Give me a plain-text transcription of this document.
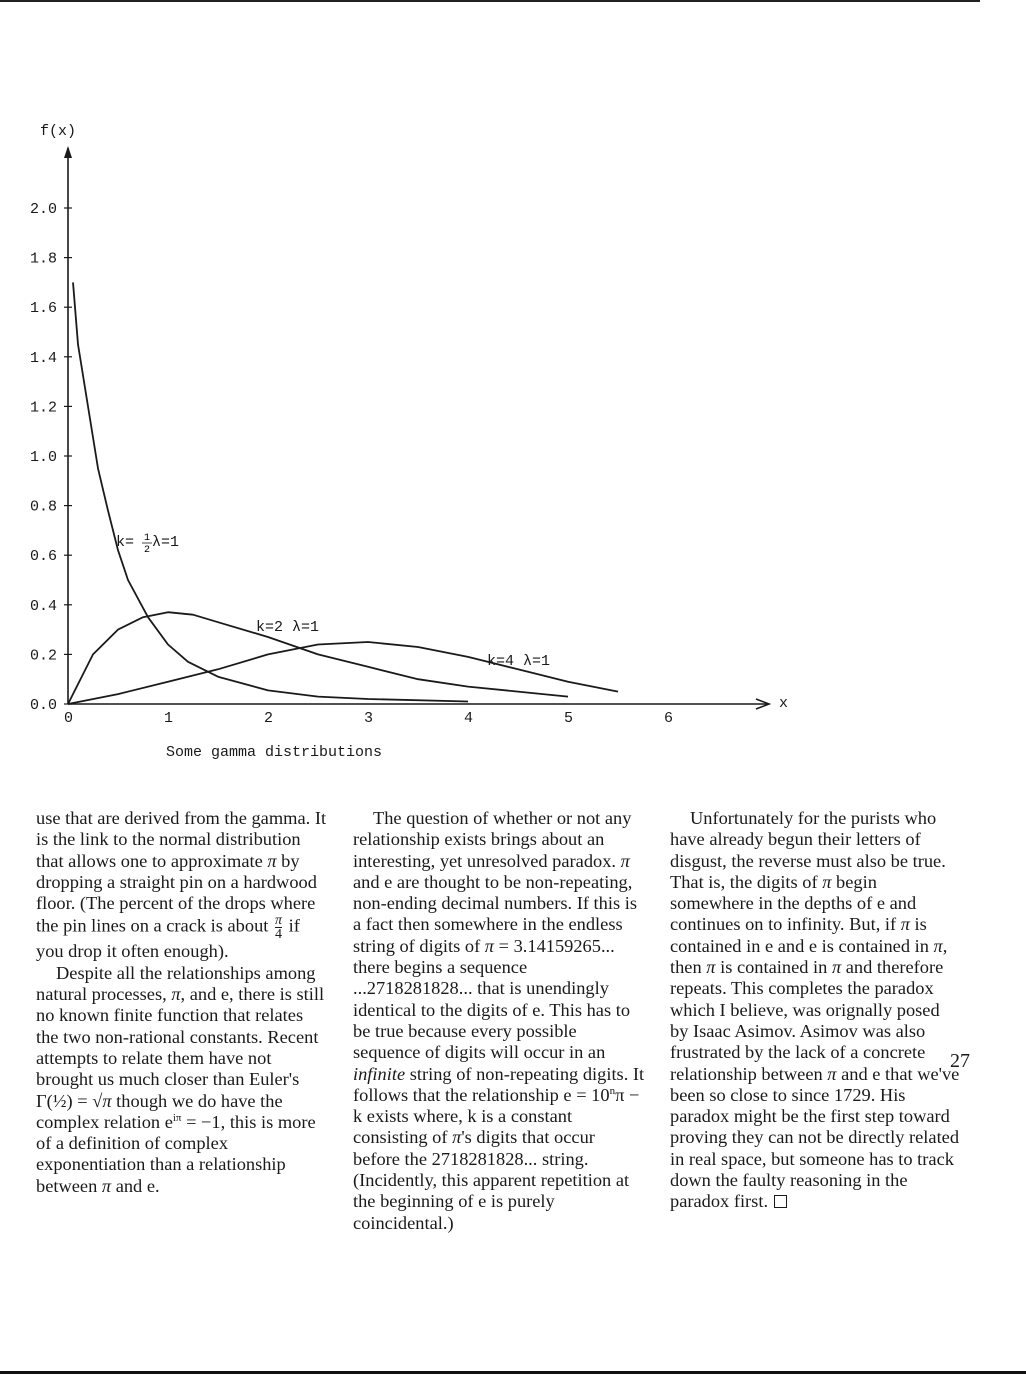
f(x)
x
0.0
0.2
0.4
0.6
0.8
1.0
1.2
1.4
1.6
1.8
2.0
0	1	2	3	4	5	6
k= 1
2 λ=1
k=2 λ=1
k=4 λ=1
Some gamma distributions

use that are derived from the gamma. It is the link to the normal distribution that allows one to approximate π by dropping a straight pin on a hardwood floor. (The percent of the drops where the pin lines on a crack is about $\frac{\pi}{4}$ if you drop it often enough).

Despite all the relationships among natural processes, π, and e, there is still no known finite function that relates the two non-rational constants. Recent attempts to relate them have not brought us much closer than Euler's Γ(½) = √π though we do have the complex relation $e^{i\pi} = -1$, this is more of a definition of complex exponentiation than a relationship between π and e.

The question of whether or not any relationship exists brings about an interesting, yet unresolved paradox. π and e are thought to be non-repeating, non-ending decimal numbers. If this is a fact then somewhere in the endless string of digits of π = 3.14159265... there begins a sequence ...2718281828... that is unendingly identical to the digits of e. This has to be true because every possible sequence of digits will occur in an infinite string of non-repeating digits. It follows that the relationship $e = 10^n\pi - k$ exists where, k is a constant consisting of π's digits that occur before the 2718281828... string. (Incidently, this apparent repetition at the beginning of e is purely coincidental.)

Unfortunately for the purists who have already begun their letters of disgust, the reverse must also be true. That is, the digits of π begin somewhere in the depths of e and continues on to infinity. But, if π is contained in e and e is contained in π, then π is contained in π and therefore repeats. This completes the paradox which I believe, was orignally posed by Isaac Asimov. Asimov was also frustrated by the lack of a concrete relationship between π and e that we've been so close to since 1729. His paradox might be the first step toward proving they can not be directly related in real space, but someone has to track down the faulty reasoning in the paradox first.

27
